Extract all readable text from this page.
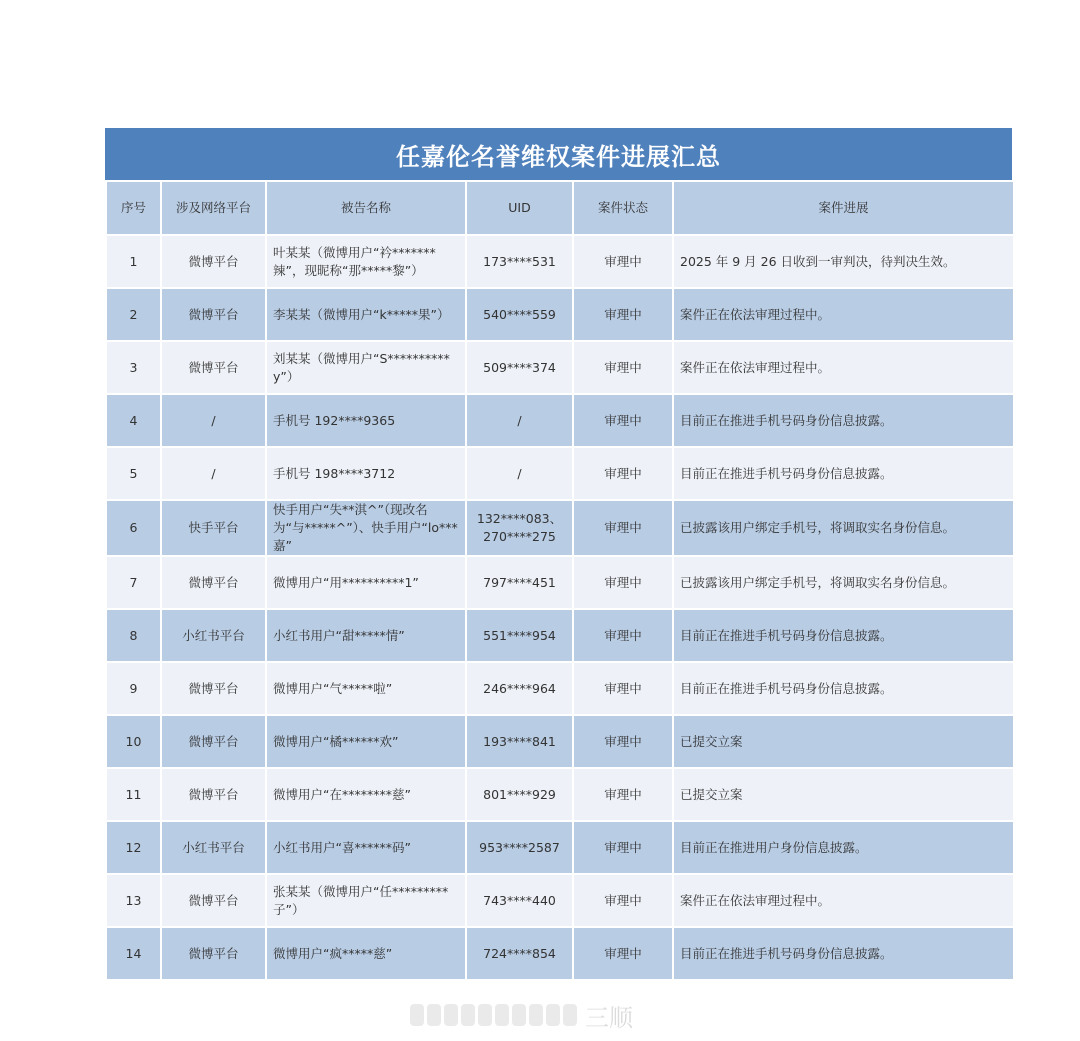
任嘉伦名誉维权案件进展汇总
序号	涉及网络平台	被告名称	UID	案件状态	案件进展
1	微博平台	叶某某（微博用户“衿*******辣”，现昵称“那*****黎”）	173****531	审理中	2025 年 9 月 26 日收到一审判决，待判决生效。
2	微博平台	李某某（微博用户“k*****果”）	540****559	审理中	案件正在依法审理过程中。
3	微博平台	刘某某（微博用户“S**********y”）	509****374	审理中	案件正在依法审理过程中。
4	/	手机号 192****9365	/	审理中	目前正在推进手机号码身份信息披露。
5	/	手机号 198****3712	/	审理中	目前正在推进手机号码身份信息披露。
6	快手平台	快手用户“失**淇^”（现改名为“与*****^”）、快手用户“lo***嘉”	132****083、270****275	审理中	已披露该用户绑定手机号，将调取实名身份信息。
7	微博平台	微博用户“用**********1”	797****451	审理中	已披露该用户绑定手机号，将调取实名身份信息。
8	小红书平台	小红书用户“甜*****情”	551****954	审理中	目前正在推进手机号码身份信息披露。
9	微博平台	微博用户“气*****啦”	246****964	审理中	目前正在推进手机号码身份信息披露。
10	微博平台	微博用户“橘******欢”	193****841	审理中	已提交立案
11	微博平台	微博用户“在********慈”	801****929	审理中	已提交立案
12	小红书平台	小红书用户“喜******码”	953****2587	审理中	目前正在推进用户身份信息披露。
13	微博平台	张某某（微博用户“任*********子”）	743****440	审理中	案件正在依法审理过程中。
14	微博平台	微博用户“疯*****慈”	724****854	审理中	目前正在推进手机号码身份信息披露。
三顺
